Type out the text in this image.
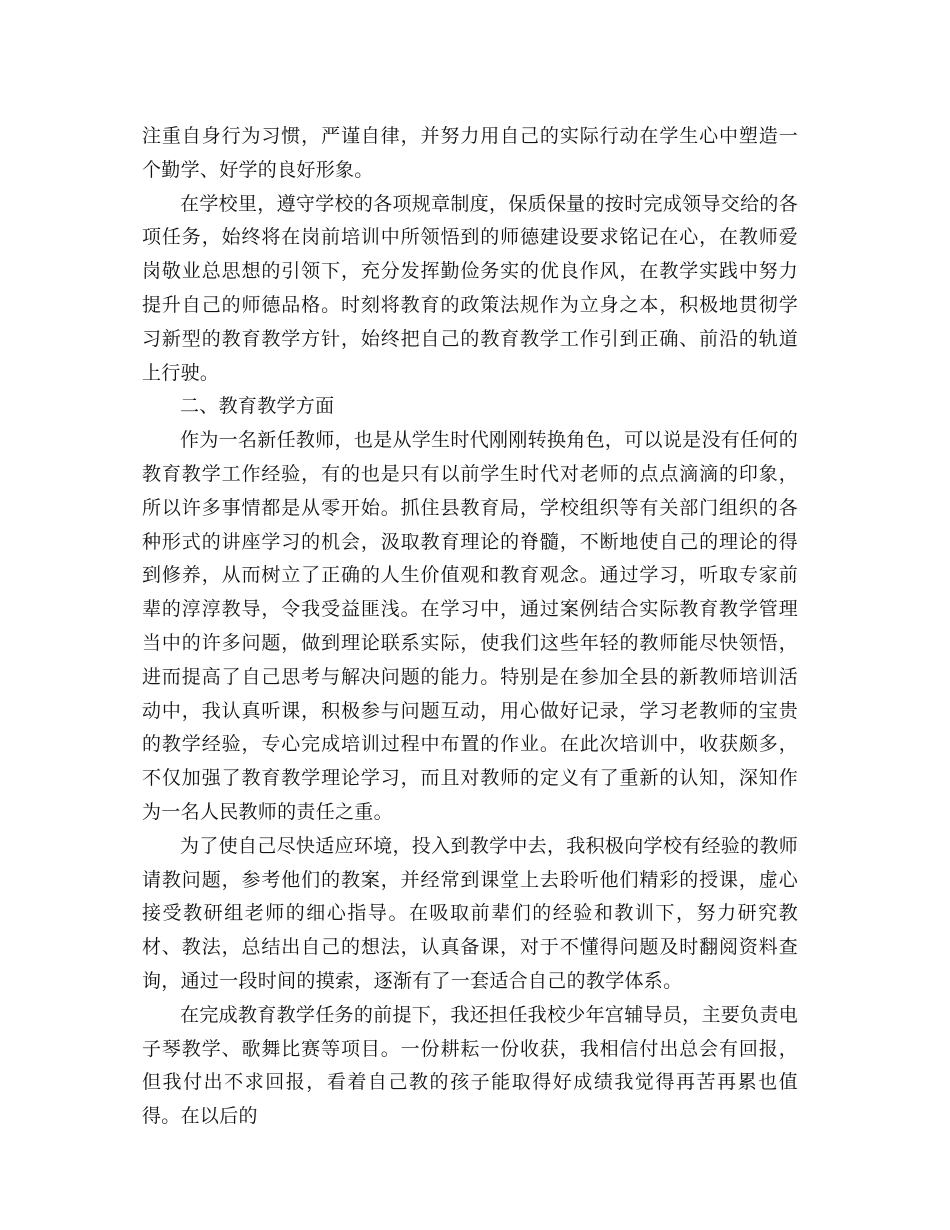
注重自身行为习惯，严谨自律，并努力用自己的实际行动在学生心中塑造一个勤学、好学的良好形象。

在学校里，遵守学校的各项规章制度，保质保量的按时完成领导交给的各项任务，始终将在岗前培训中所领悟到的师德建设要求铭记在心，在教师爱岗敬业总思想的引领下，充分发挥勤俭务实的优良作风，在教学实践中努力提升自己的师德品格。时刻将教育的政策法规作为立身之本，积极地贯彻学习新型的教育教学方针，始终把自己的教育教学工作引到正确、前沿的轨道上行驶。

二、教育教学方面

作为一名新任教师，也是从学生时代刚刚转换角色，可以说是没有任何的教育教学工作经验，有的也是只有以前学生时代对老师的点点滴滴的印象，所以许多事情都是从零开始。抓住县教育局，学校组织等有关部门组织的各种形式的讲座学习的机会，汲取教育理论的脊髓，不断地使自己的理论的得到修养，从而树立了正确的人生价值观和教育观念。通过学习，听取专家前辈的淳淳教导，令我受益匪浅。在学习中，通过案例结合实际教育教学管理当中的许多问题，做到理论联系实际，使我们这些年轻的教师能尽快领悟，进而提高了自己思考与解决问题的能力。特别是在参加全县的新教师培训活动中，我认真听课，积极参与问题互动，用心做好记录，学习老教师的宝贵的教学经验，专心完成培训过程中布置的作业。在此次培训中，收获颇多，不仅加强了教育教学理论学习，而且对教师的定义有了重新的认知，深知作为一名人民教师的责任之重。

为了使自己尽快适应环境，投入到教学中去，我积极向学校有经验的教师请教问题，参考他们的教案，并经常到课堂上去聆听他们精彩的授课，虚心接受教研组老师的细心指导。在吸取前辈们的经验和教训下，努力研究教材、教法，总结出自己的想法，认真备课，对于不懂得问题及时翻阅资料查询，通过一段时间的摸索，逐渐有了一套适合自己的教学体系。

在完成教育教学任务的前提下，我还担任我校少年宫辅导员，主要负责电子琴教学、歌舞比赛等项目。一份耕耘一份收获，我相信付出总会有回报，但我付出不求回报，看着自己教的孩子能取得好成绩我觉得再苦再累也值得。在以后的
